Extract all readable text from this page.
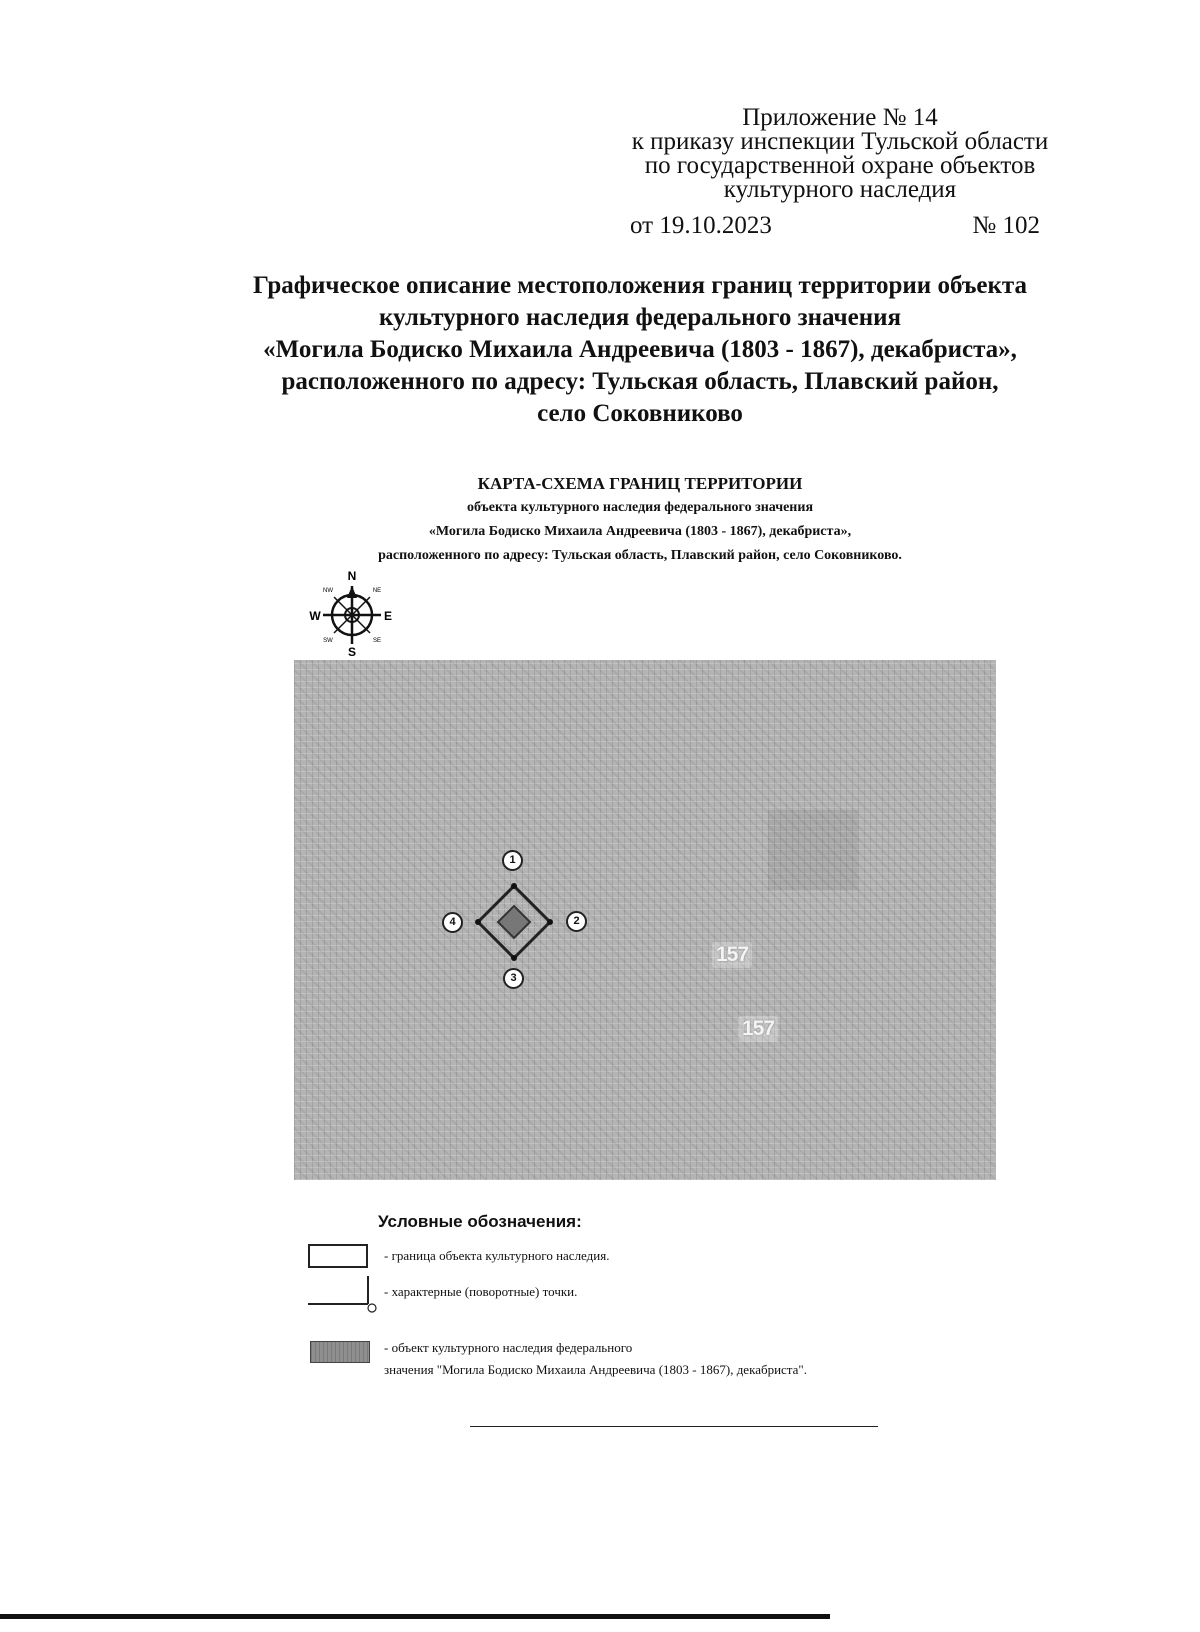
Приложение № 14
к приказу инспекции Тульской области
по государственной охране объектов
культурного наследия
от 19.10.2023	№ 102
Графическое описание местоположения границ территории объекта
культурного наследия федерального значения
«Могила Бодиско Михаила Андреевича (1803 - 1867), декабриста»,
расположенного по адресу: Тульская область, Плавский район,
село Соковниково
КАРТА-СХЕМА ГРАНИЦ ТЕРРИТОРИИ
объекта культурного наследия федерального значения
«Могила Бодиско Михаила Андреевича (1803 - 1867), декабриста»,
расположенного по адресу: Тульская область, Плавский район, село Соковниково.
N
S
W	E
NW	NE
SW	SE
1
2
3
4
157
157
Условные обозначения:
- граница объекта культурного наследия.
- характерные (поворотные) точки.
- объект культурного наследия федерального
значения "Могила Бодиско Михаила Андреевича (1803 - 1867), декабриста".
